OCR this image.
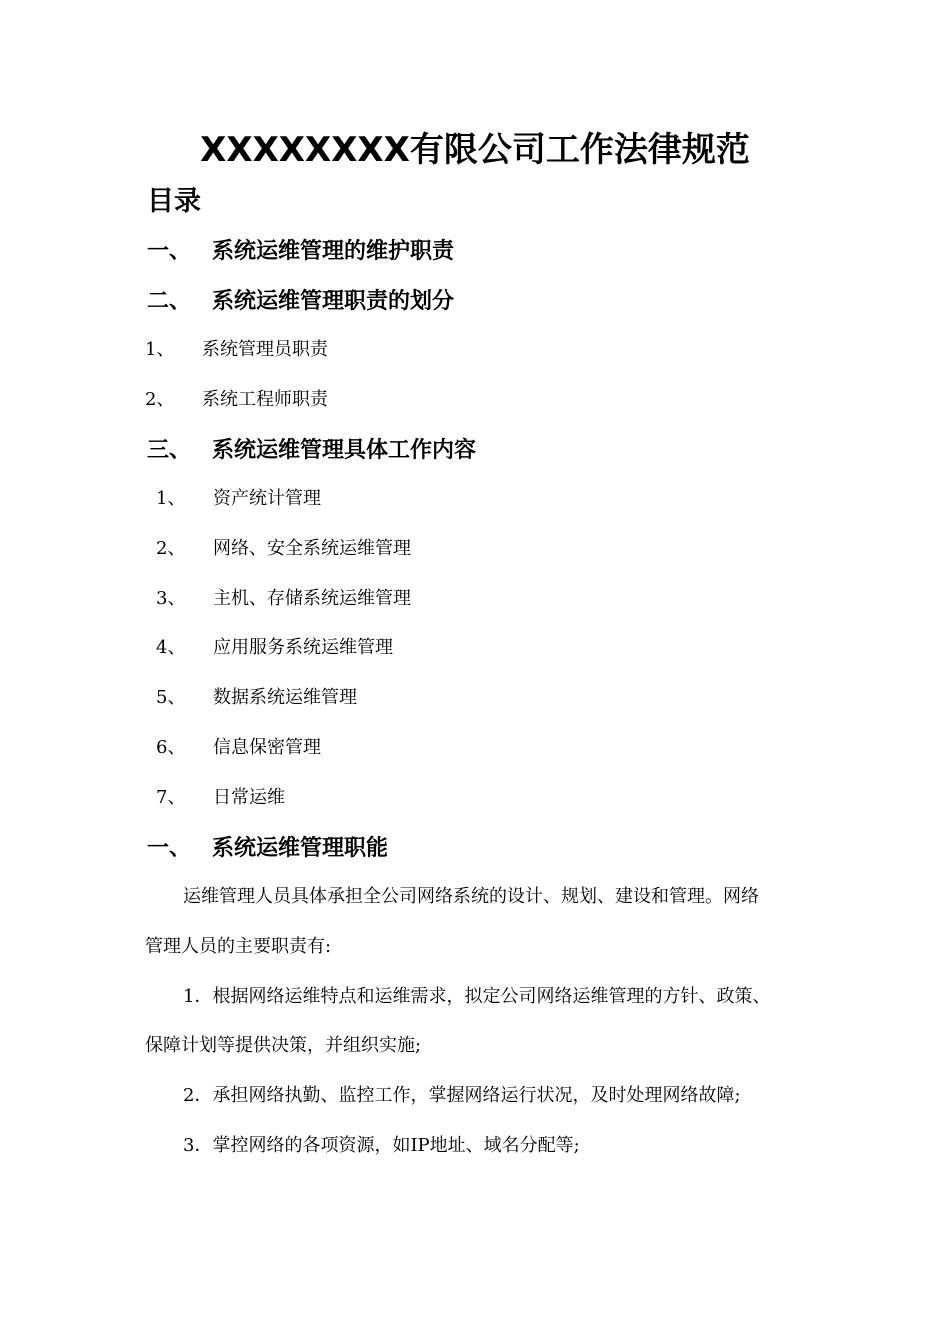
XXXXXXXX有限公司工作法律规范
目录
一、 系统运维管理的维护职责
二、 系统运维管理职责的划分
1、 系统管理员职责
2、 系统工程师职责
三、 系统运维管理具体工作内容
1、 资产统计管理
2、 网络、安全系统运维管理
3、 主机、存储系统运维管理
4、 应用服务系统运维管理
5、 数据系统运维管理
6、 信息保密管理
7、 日常运维
一、 系统运维管理职能
运维管理人员具体承担全公司网络系统的设计、规划、建设和管理。网络
管理人员的主要职责有:
1．根据网络运维特点和运维需求，拟定公司网络运维管理的方针、政策、
保障计划等提供决策，并组织实施;
2．承担网络执勤、监控工作，掌握网络运行状况，及时处理网络故障;
3．掌控网络的各项资源，如IP地址、域名分配等;
